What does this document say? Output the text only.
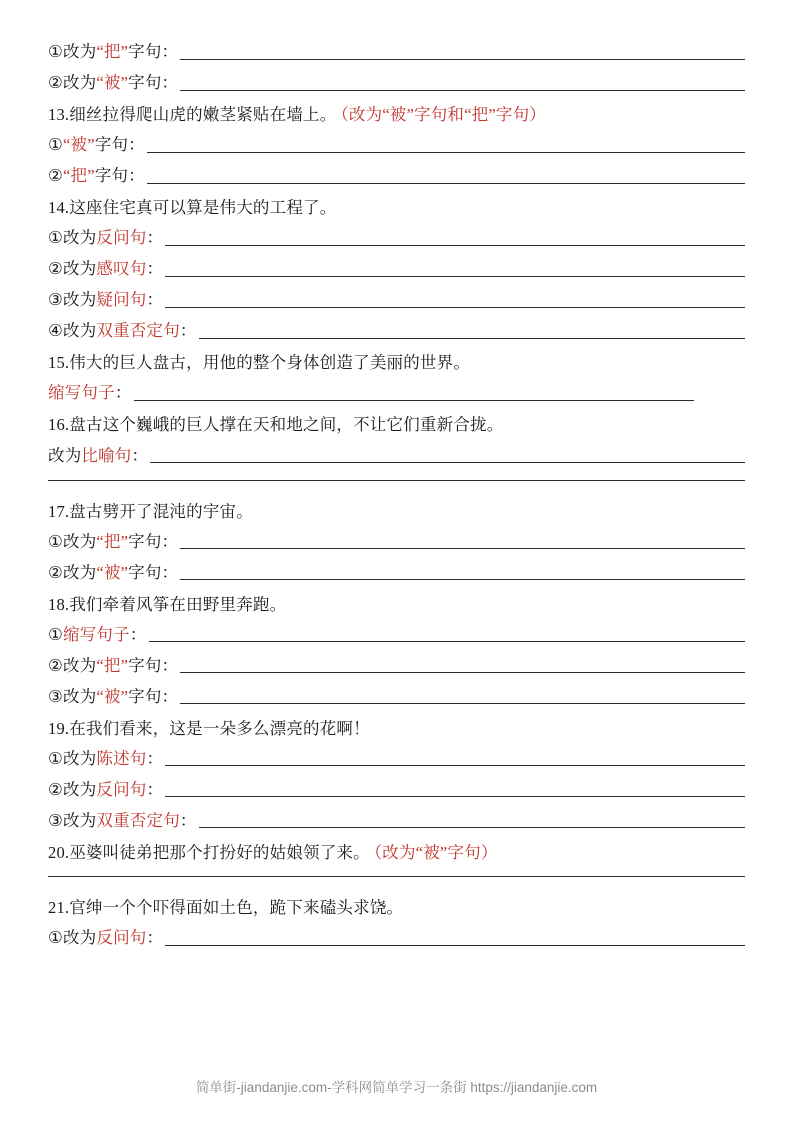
① 改为 “把” 字句：
② 改为 “被” 字句：
13.细丝拉得爬山虎的嫩茎紧贴在墙上。 （改为“被”字句和“把”字句）
① “被” 字句：
② “把” 字句：
14.这座住宅真可以算是伟大的工程了。
① 改为 反问句 ：
② 改为 感叹句 ：
③ 改为 疑问句 ：
④ 改为 双重否定句 ：
15.伟大的巨人盘古，用他的整个身体创造了美丽的世界。
缩写句子 ：
16.盘古这个巍峨的巨人撑在天和地之间，不让它们重新合拢。
改为 比喻句 ：
17.盘古劈开了混沌的宇宙。
① 改为 “把” 字句：
② 改为 “被” 字句：
18.我们牵着风筝在田野里奔跑。
① 缩写句子 ：
② 改为 “把” 字句：
③ 改为 “被” 字句：
19.在我们看来，这是一朵多么漂亮的花啊！
① 改为 陈述句 ：
② 改为 反问句 ：
③ 改为 双重否定句 ：
20.巫婆叫徒弟把那个打扮好的姑娘领了来。 （改为“被”字句）
21.官绅一个个吓得面如土色，跪下来磕头求饶。
① 改为 反问句 ：
简单街-jiandanjie.com-学科网简单学习一条街 https://jiandanjie.com
